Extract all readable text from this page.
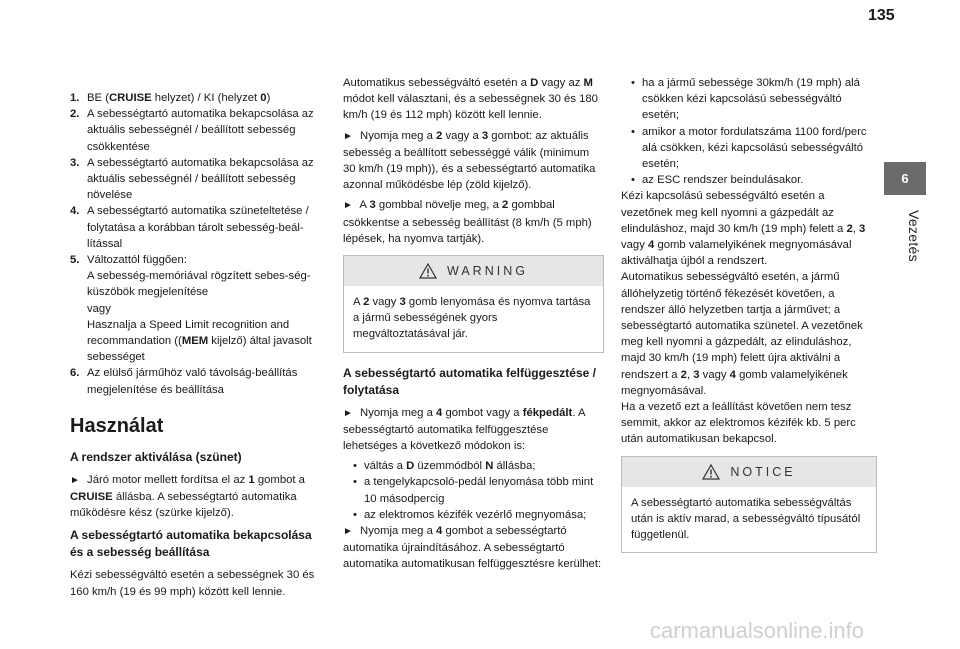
135
6
Vezetés
1. BE (CRUISE helyzet) / KI (helyzet 0)
2. A sebességtartó automatika bekapcsolása az aktuális sebességnél / beállított sebesség csökkentése
3. A sebességtartó automatika bekapcsolása az aktuális sebességnél / beállított sebesség növelése
4. A sebességtartó automatika szüneteltetése / folytatása a korábban tárolt sebesség-beál-lítással
5. Változattól függően:
A sebesség-memóriával rögzített sebes-ség-küszöbök megjelenítése
vagy
Hasznalja a Speed Limit recognition and recommandation ((MEM kijelző) által javasolt sebességet
6. Az elülső járműhöz való távolság-beállítás megjelenítése és beállítása
Használat
A rendszer aktiválása (szünet)

► Járó motor mellett fordítsa el az 1 gombot a CRUISE állásba. A sebességtartó automatika működésre kész (szürke kijelző).

A sebességtartó automatika bekapcsolása és a sebesség beállítása

Kézi sebességváltó esetén a sebességnek 30 és 160 km/h (19 és 99 mph) között kell lennie.

Automatikus sebességváltó esetén a D vagy az M módot kell választani, és a sebességnek 30 és 180 km/h (19 és 112 mph) között kell lennie.

► Nyomja meg a 2 vagy a 3 gombot: az aktuális sebesség a beállított sebességgé válik (minimum 30 km/h (19 mph)), és a sebességtartó automatika azonnal működésbe lép (zöld kijelző).

► A 3 gombbal növelje meg, a 2 gombbal csökkentse a sebesség beállítást (8 km/h (5 mph) lépések, ha nyomva tartják).

WARNING
A 2 vagy 3 gomb lenyomása és nyomva tartása a jármű sebességének gyors megváltoztatásával jár.
A sebességtartó automatika felfüggesztése / folytatása

► Nyomja meg a 4 gombot vagy a fékpedált. A sebességtartó automatika felfüggesztése lehetséges a következő módokon is:

• váltás a D üzemmódból N állásba;
• a tengelykapcsoló-pedál lenyomása több mint 10 másodpercig
• az elektromos kézifék vezérlő megnyomása;

► Nyomja meg a 4 gombot a sebességtartó automatika újraindításához. A sebességtartó automatika automatikusan felfüggesztésre kerülhet:

• ha a jármű sebessége 30km/h (19 mph) alá csökken kézi kapcsolású sebességváltó esetén;
• amikor a motor fordulatszáma 1100 ford/perc alá csökken, kézi kapcsolású sebességváltó esetén;
• az ESC rendszer beindulásakor.

Kézi kapcsolású sebességváltó esetén a vezetőnek meg kell nyomni a gázpedált az elinduláshoz, majd 30 km/h (19 mph) felett a 2, 3 vagy 4 gomb valamelyikének megnyomásával aktiválhatja újból a rendszert.
Automatikus sebességváltó esetén, a jármű állóhelyzetig történő fékezését követően, a rendszer álló helyzetben tartja a járművet; a sebességtartó automatika szünetel. A vezetőnek meg kell nyomni a gázpedált, az elinduláshoz, majd 30 km/h (19 mph) felett újra aktiválni a rendszert a 2, 3 vagy 4 gomb valamelyikének megnyomásával.
Ha a vezető ezt a leállítást követően nem tesz semmit, akkor az elektromos kézifék kb. 5 perc után automatikusan bekapcsol.

NOTICE
A sebességtartó automatika sebességváltás után is aktív marad, a sebességváltó típusától függetlenül.
carmanualsonline.info
